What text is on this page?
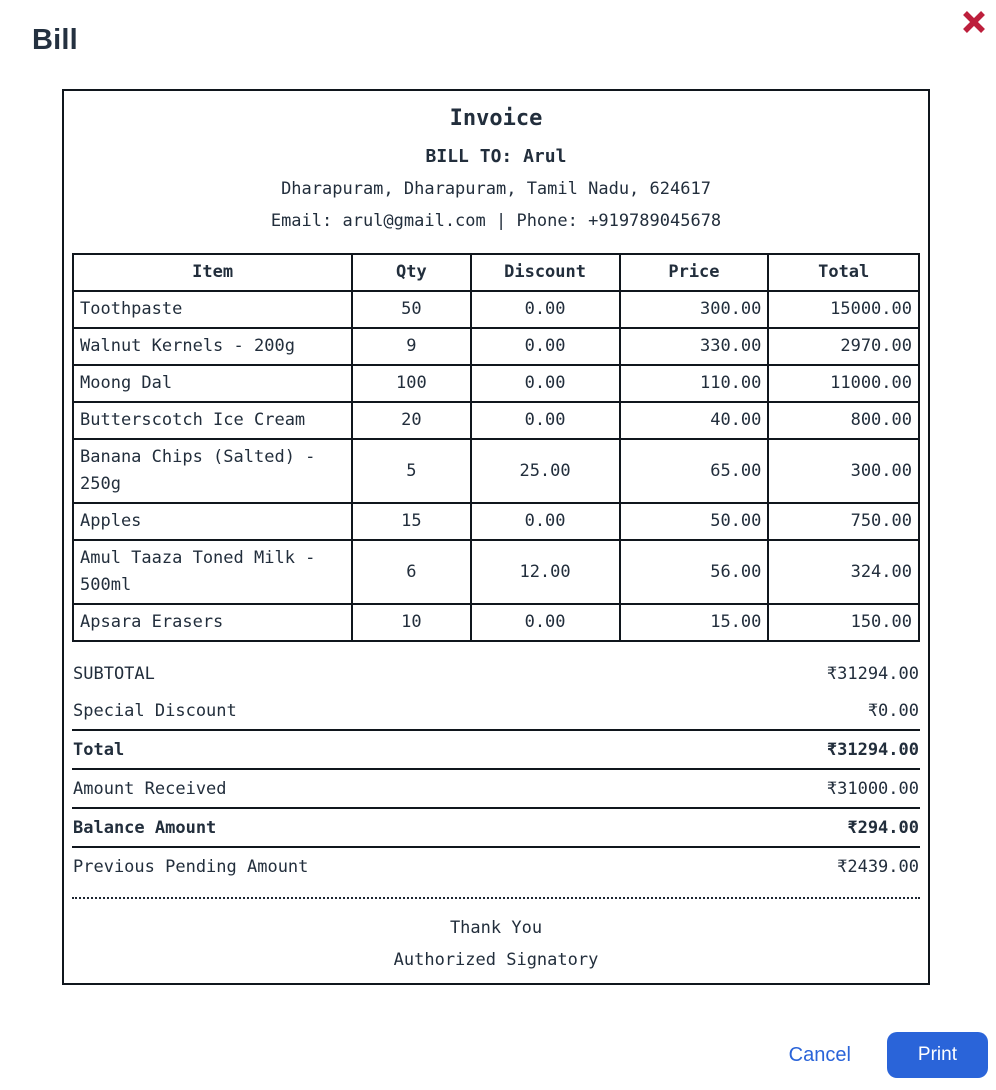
Bill
Invoice
BILL TO: Arul
Dharapuram, Dharapuram, Tamil Nadu, 624617
Email: arul@gmail.com | Phone: +919789045678
Item	Qty	Discount	Price	Total
Toothpaste	50	0.00	300.00	15000.00
Walnut Kernels - 200g	9	0.00	330.00	2970.00
Moong Dal	100	0.00	110.00	11000.00
Butterscotch Ice Cream	20	0.00	40.00	800.00
Banana Chips (Salted) - 250g	5	25.00	65.00	300.00
Apples	15	0.00	50.00	750.00
Amul Taaza Toned Milk - 500ml	6	12.00	56.00	324.00
Apsara Erasers	10	0.00	15.00	150.00
SUBTOTAL	₹31294.00
Special Discount	₹0.00
Total	₹31294.00
Amount Received	₹31000.00
Balance Amount	₹294.00
Previous Pending Amount	₹2439.00
Thank You
Authorized Signatory
Cancel	Print
